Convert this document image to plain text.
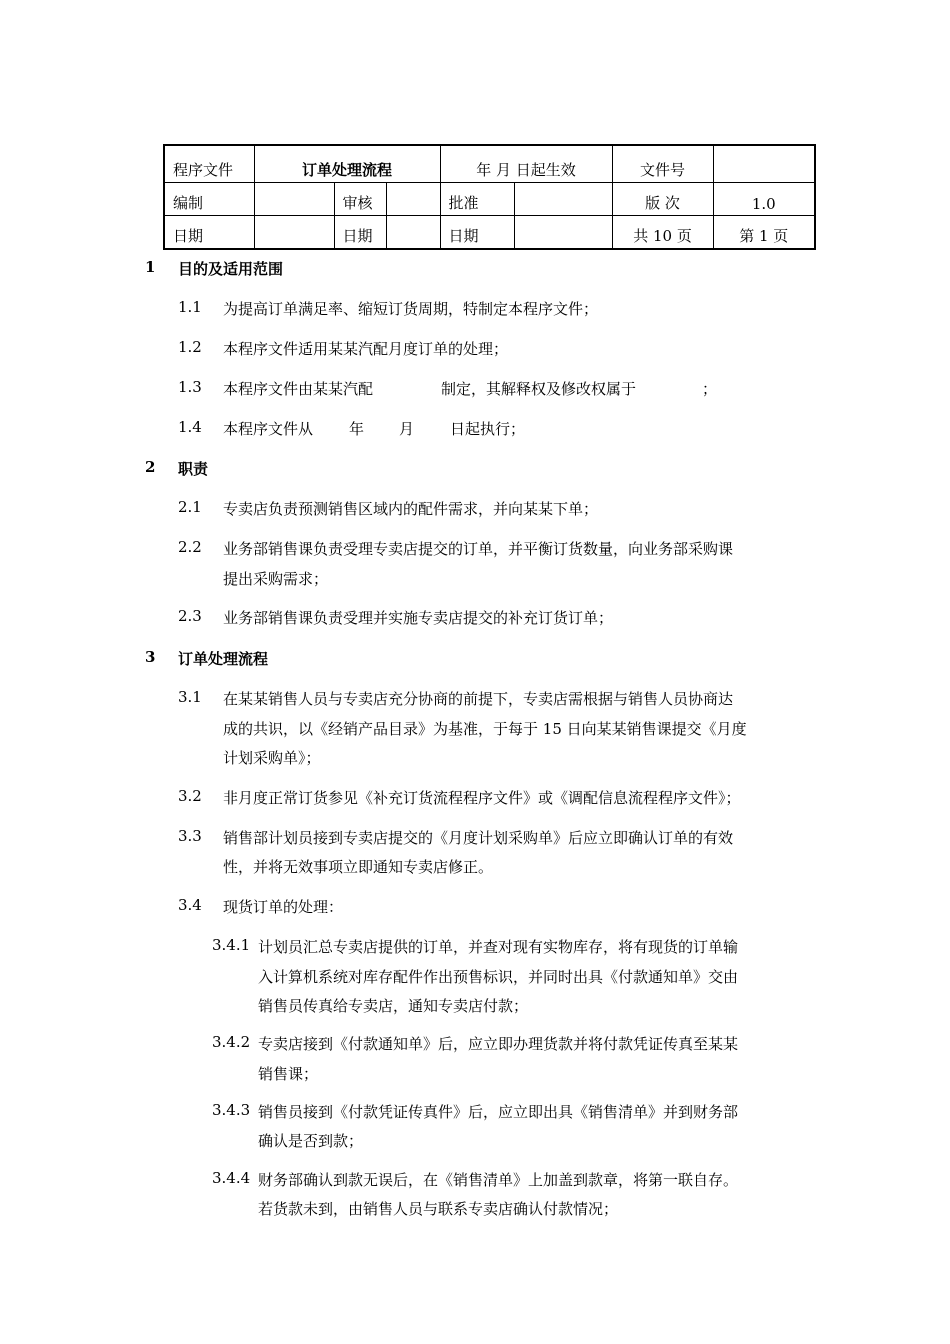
程序文件	订单处理流程			年 月 日起生效		文件号	
编制		审核		批准		版 次	1.0
日期		日期		日期		共 10 页	第 1 页
1 目的及适用范围
1.1 为提高订单满足率、缩短订货周期，特制定本程序文件；
1.2 本程序文件适用某某汽配月度订单的处理；
1.3 本程序文件由某某汽配	制定，其解释权及修改权属于	；
1.4 本程序文件从 年 月 日起执行；
2 职责
2.1 专卖店负责预测销售区域内的配件需求，并向某某下单；
2.2 业务部销售课负责受理专卖店提交的订单，并平衡订货数量，向业务部采购课
提出采购需求；
2.3 业务部销售课负责受理并实施专卖店提交的补充订货订单；
3 订单处理流程
3.1 在某某销售人员与专卖店充分协商的前提下，专卖店需根据与销售人员协商达
成的共识，以《经销产品目录》为基准，于每于 15 日向某某销售课提交《月度
计划采购单》；
3.2 非月度正常订货参见《补充订货流程程序文件》或《调配信息流程程序文件》；
3.3 销售部计划员接到专卖店提交的《月度计划采购单》后应立即确认订单的有效
性，并将无效事项立即通知专卖店修正。
3.4 现货订单的处理：
3.4.1 计划员汇总专卖店提供的订单，并查对现有实物库存，将有现货的订单输
入计算机系统对库存配件作出预售标识，并同时出具《付款通知单》交由
销售员传真给专卖店，通知专卖店付款；
3.4.2 专卖店接到《付款通知单》后，应立即办理货款并将付款凭证传真至某某
销售课；
3.4.3 销售员接到《付款凭证传真件》后，应立即出具《销售清单》并到财务部
确认是否到款；
3.4.4 财务部确认到款无误后，在《销售清单》上加盖到款章，将第一联自存。
若货款未到，由销售人员与联系专卖店确认付款情况；
